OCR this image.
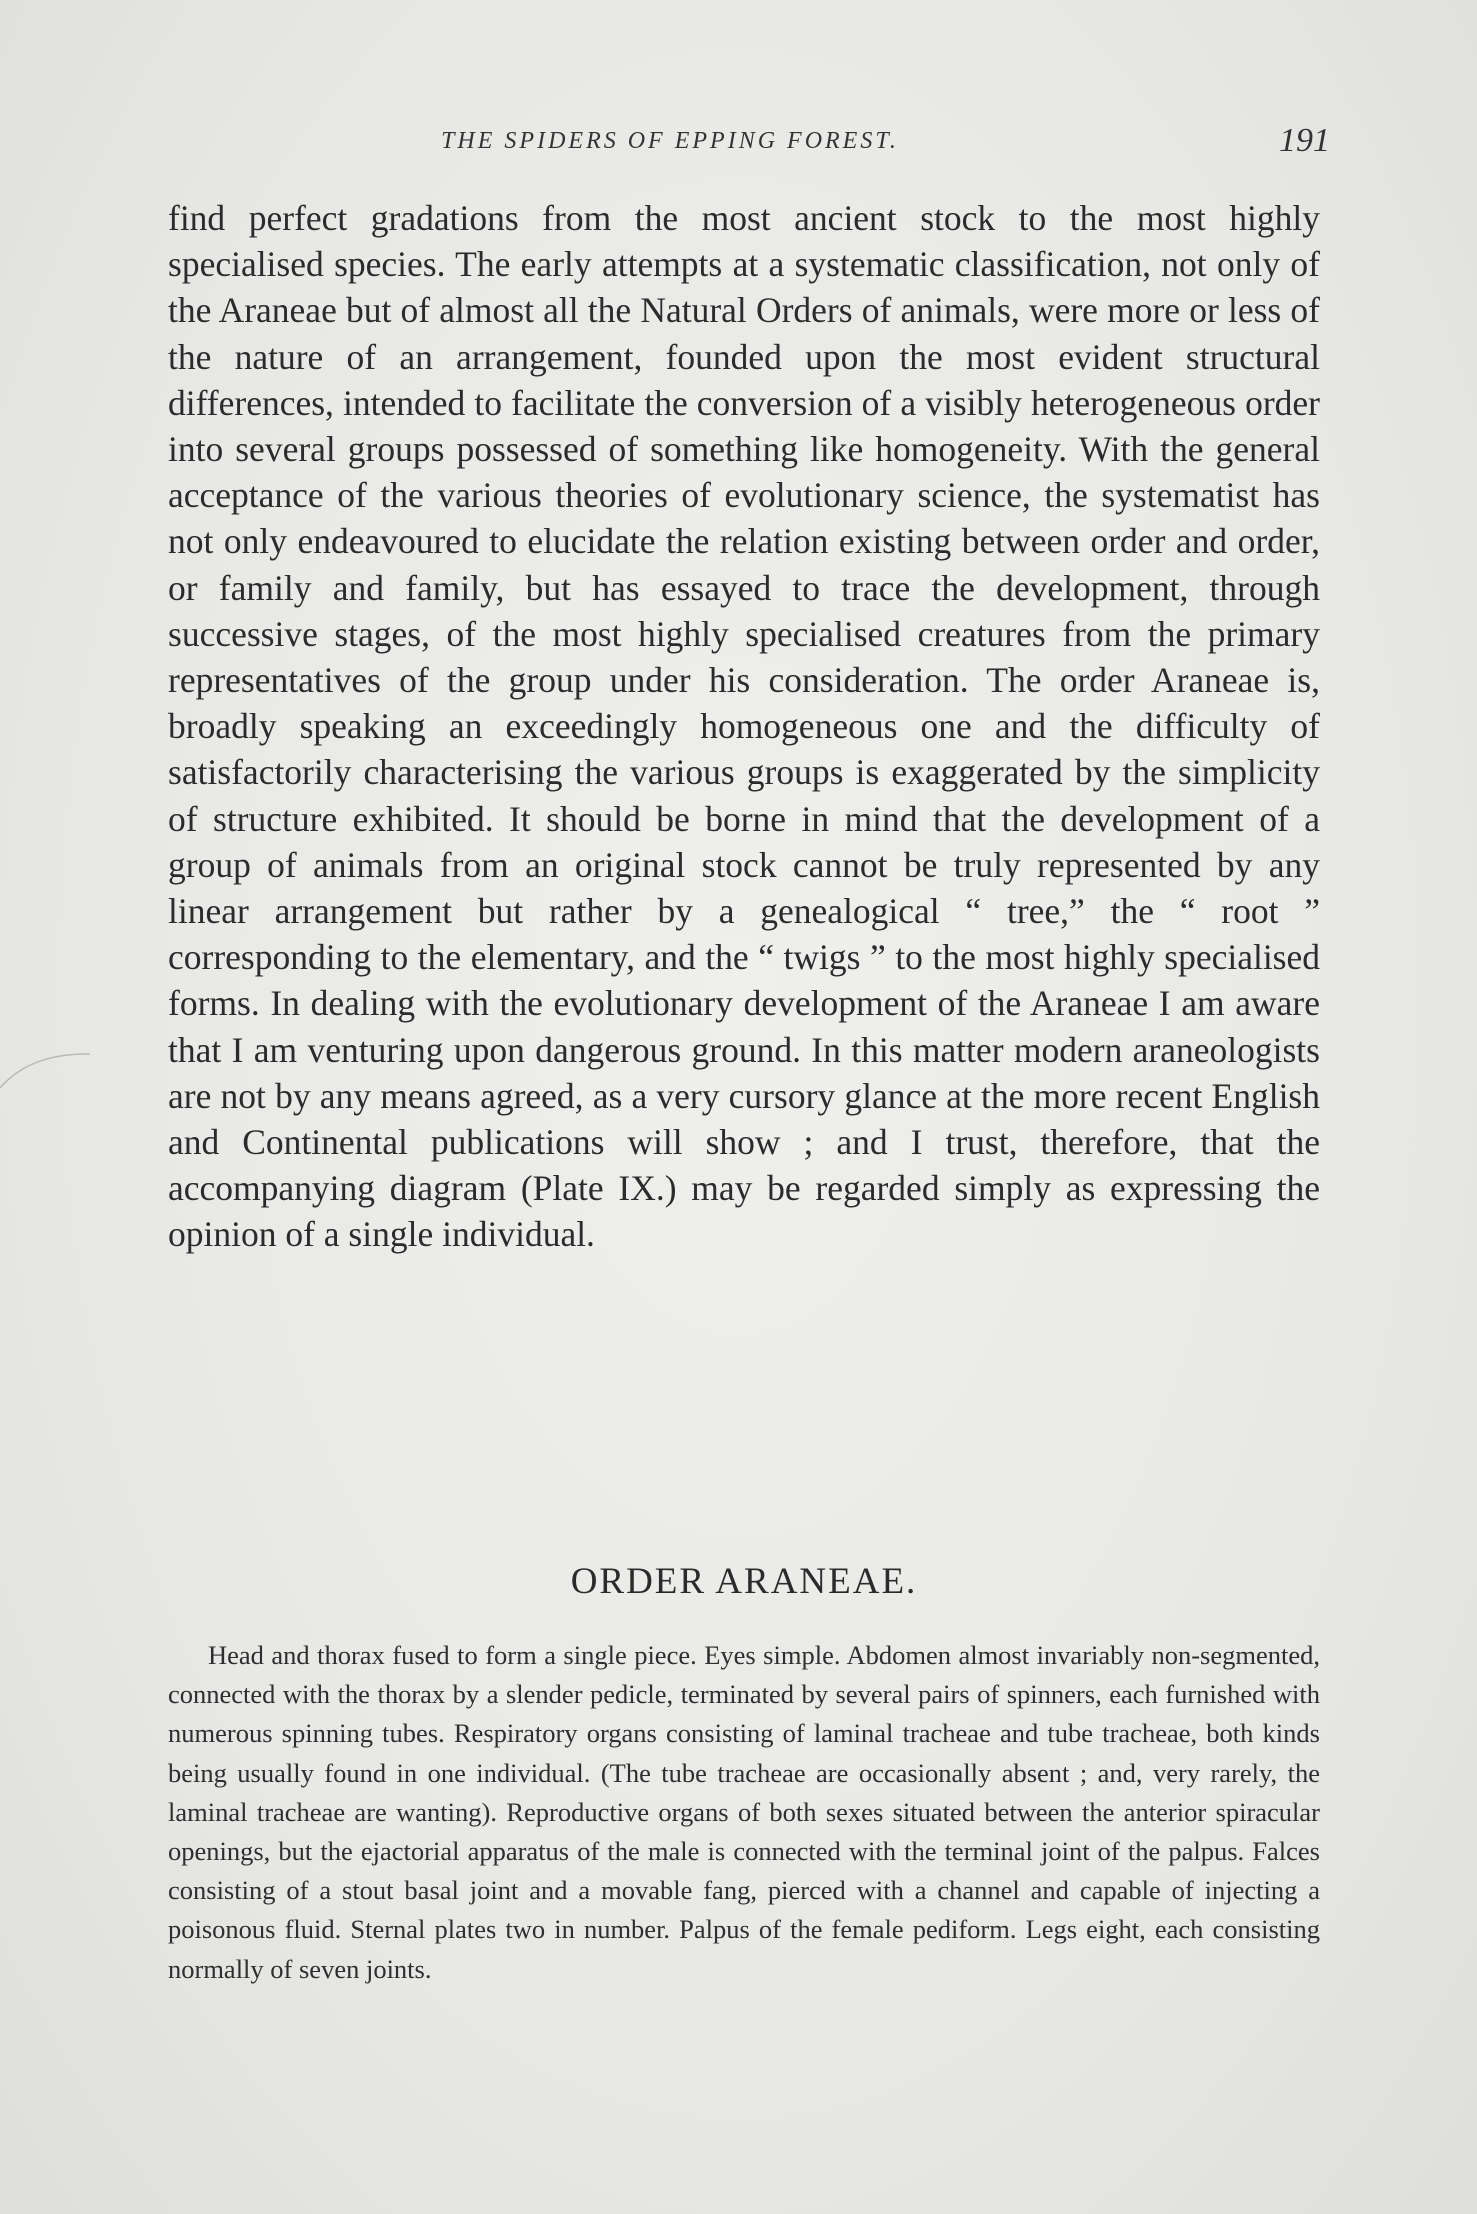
THE SPIDERS OF EPPING FOREST.	191

find perfect gradations from the most ancient stock to the most highly specialised species. The early attempts at a systematic classification, not only of the Araneae but of almost all the Natural Orders of animals, were more or less of the nature of an arrangement, founded upon the most evident structural differences, intended to facilitate the conversion of a visibly heterogeneous order into several groups possessed of something like homogeneity. With the general acceptance of the various theories of evolutionary science, the systematist has not only endeavoured to elucidate the relation existing between order and order, or family and family, but has essayed to trace the development, through successive stages, of the most highly specialised creatures from the primary representatives of the group under his consideration. The order Araneae is, broadly speaking an exceedingly homogeneous one and the difficulty of satisfactorily characterising the various groups is exaggerated by the simplicity of structure exhibited. It should be borne in mind that the development of a group of animals from an original stock cannot be truly represented by any linear arrangement but rather by a genealogical “ tree,” the “ root ” corresponding to the elementary, and the “ twigs ” to the most highly specialised forms. In dealing with the evolutionary development of the Araneae I am aware that I am venturing upon dangerous ground. In this matter modern araneologists are not by any means agreed, as a very cursory glance at the more recent English and Continental publications will show ; and I trust, therefore, that the accompanying diagram (Plate IX.) may be regarded simply as expressing the opinion of a single individual.

ORDER ARANEAE.

Head and thorax fused to form a single piece. Eyes simple. Abdomen almost invariably non-segmented, connected with the thorax by a slender pedicle, terminated by several pairs of spinners, each furnished with numerous spinning tubes. Respiratory organs consisting of laminal tracheae and tube tracheae, both kinds being usually found in one individual. (The tube tracheae are occasionally absent ; and, very rarely, the laminal tracheae are wanting). Reproductive organs of both sexes situated between the anterior spiracular openings, but the ejactorial apparatus of the male is connected with the terminal joint of the palpus. Falces consisting of a stout basal joint and a movable fang, pierced with a channel and capable of injecting a poisonous fluid. Sternal plates two in number. Palpus of the female pediform. Legs eight, each consisting normally of seven joints.
